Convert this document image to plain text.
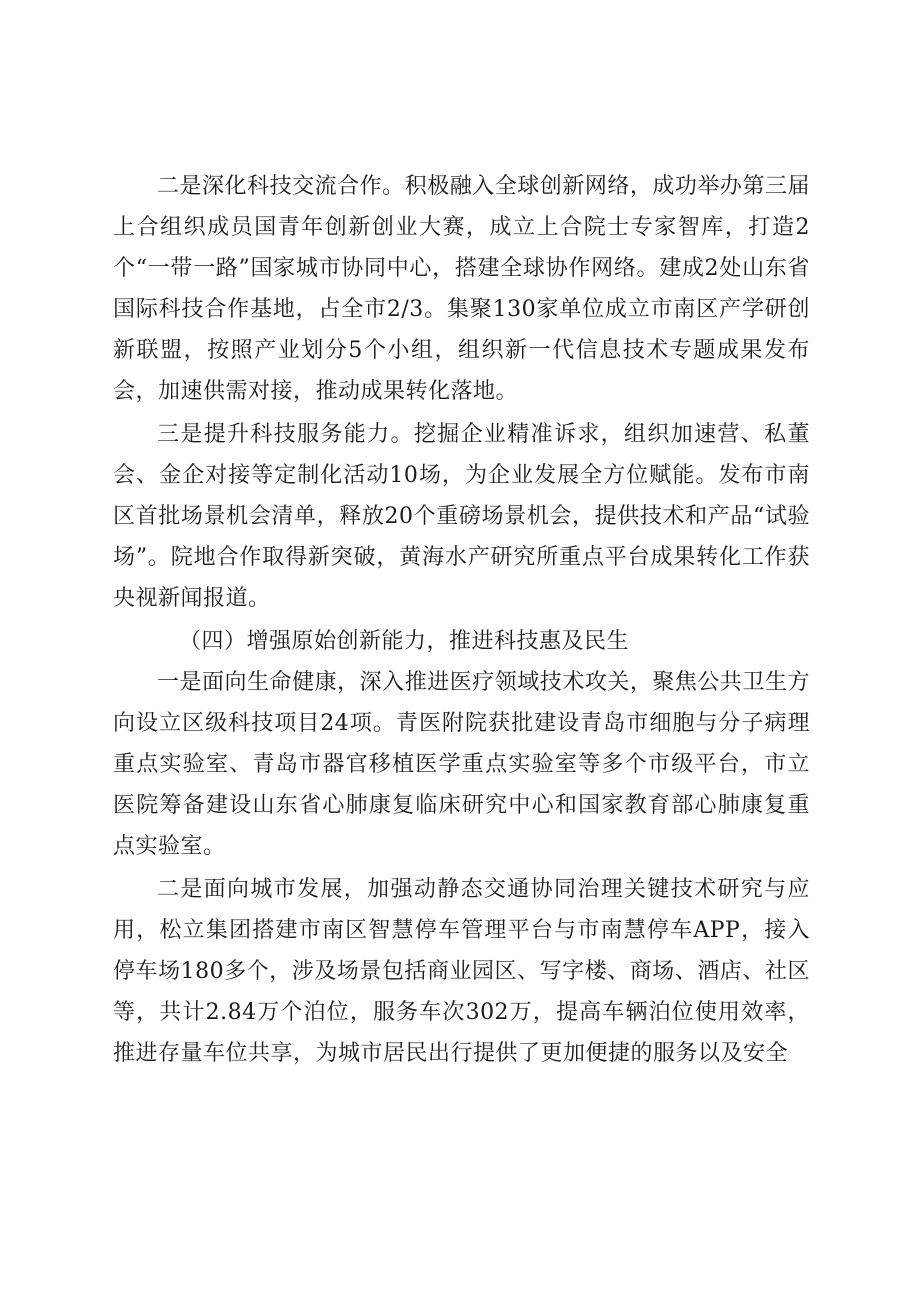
二是深化科技交流合作。积极融入全球创新网络，成功举办第三届上合组织成员国青年创新创业大赛，成立上合院士专家智库，打造2个“一带一路”国家城市协同中心，搭建全球协作网络。建成2处山东省国际科技合作基地，占全市2/3。集聚130家单位成立市南区产学研创新联盟，按照产业划分5个小组，组织新一代信息技术专题成果发布会，加速供需对接，推动成果转化落地。

三是提升科技服务能力。挖掘企业精准诉求，组织加速营、私董会、金企对接等定制化活动10场，为企业发展全方位赋能。发布市南区首批场景机会清单，释放20个重磅场景机会，提供技术和产品“试验场”。院地合作取得新突破，黄海水产研究所重点平台成果转化工作获央视新闻报道。

（四）增强原始创新能力，推进科技惠及民生

一是面向生命健康，深入推进医疗领域技术攻关，聚焦公共卫生方向设立区级科技项目24项。青医附院获批建设青岛市细胞与分子病理重点实验室、青岛市器官移植医学重点实验室等多个市级平台，市立医院筹备建设山东省心肺康复临床研究中心和国家教育部心肺康复重点实验室。

二是面向城市发展，加强动静态交通协同治理关键技术研究与应用，松立集团搭建市南区智慧停车管理平台与市南慧停车APP，接入停车场180多个，涉及场景包括商业园区、写字楼、商场、酒店、社区等，共计2.84万个泊位，服务车次302万，提高车辆泊位使用效率，推进存量车位共享，为城市居民出行提供了更加便捷的服务以及安全
